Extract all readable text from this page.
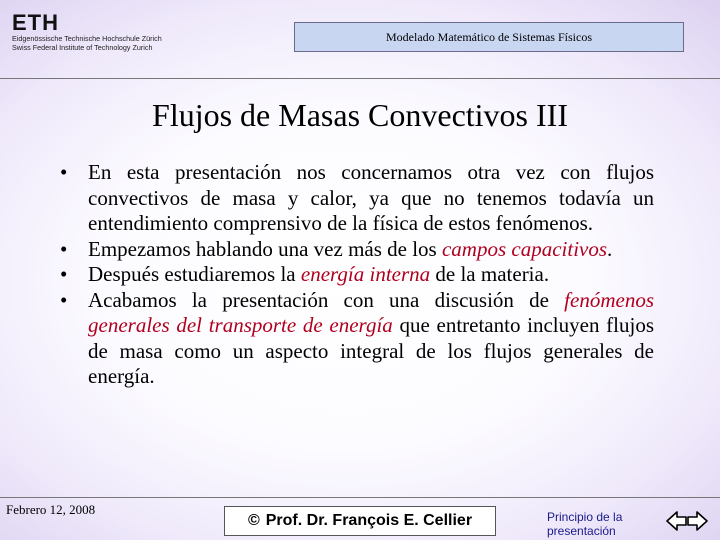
ETH
Eidgenössische Technische Hochschule Zürich
Swiss Federal Institute of Technology Zurich
Modelado Matemático de Sistemas Físicos
Flujos de Masas Convectivos III
• En esta presentación nos concernamos otra vez con flujos convectivos de masa y calor, ya que no tenemos todavía un entendimiento comprensivo de la física de estos fenómenos.
• Empezamos hablando una vez más de los campos capacitivos.
• Después estudiaremos la energía interna de la materia.
• Acabamos la presentación con una discusión de fenómenos generales del transporte de energía que entretanto incluyen flujos de masa como un aspecto integral de los flujos generales de energía.
Febrero 12, 2008
© Prof. Dr. François E. Cellier	Principio de la presentación
